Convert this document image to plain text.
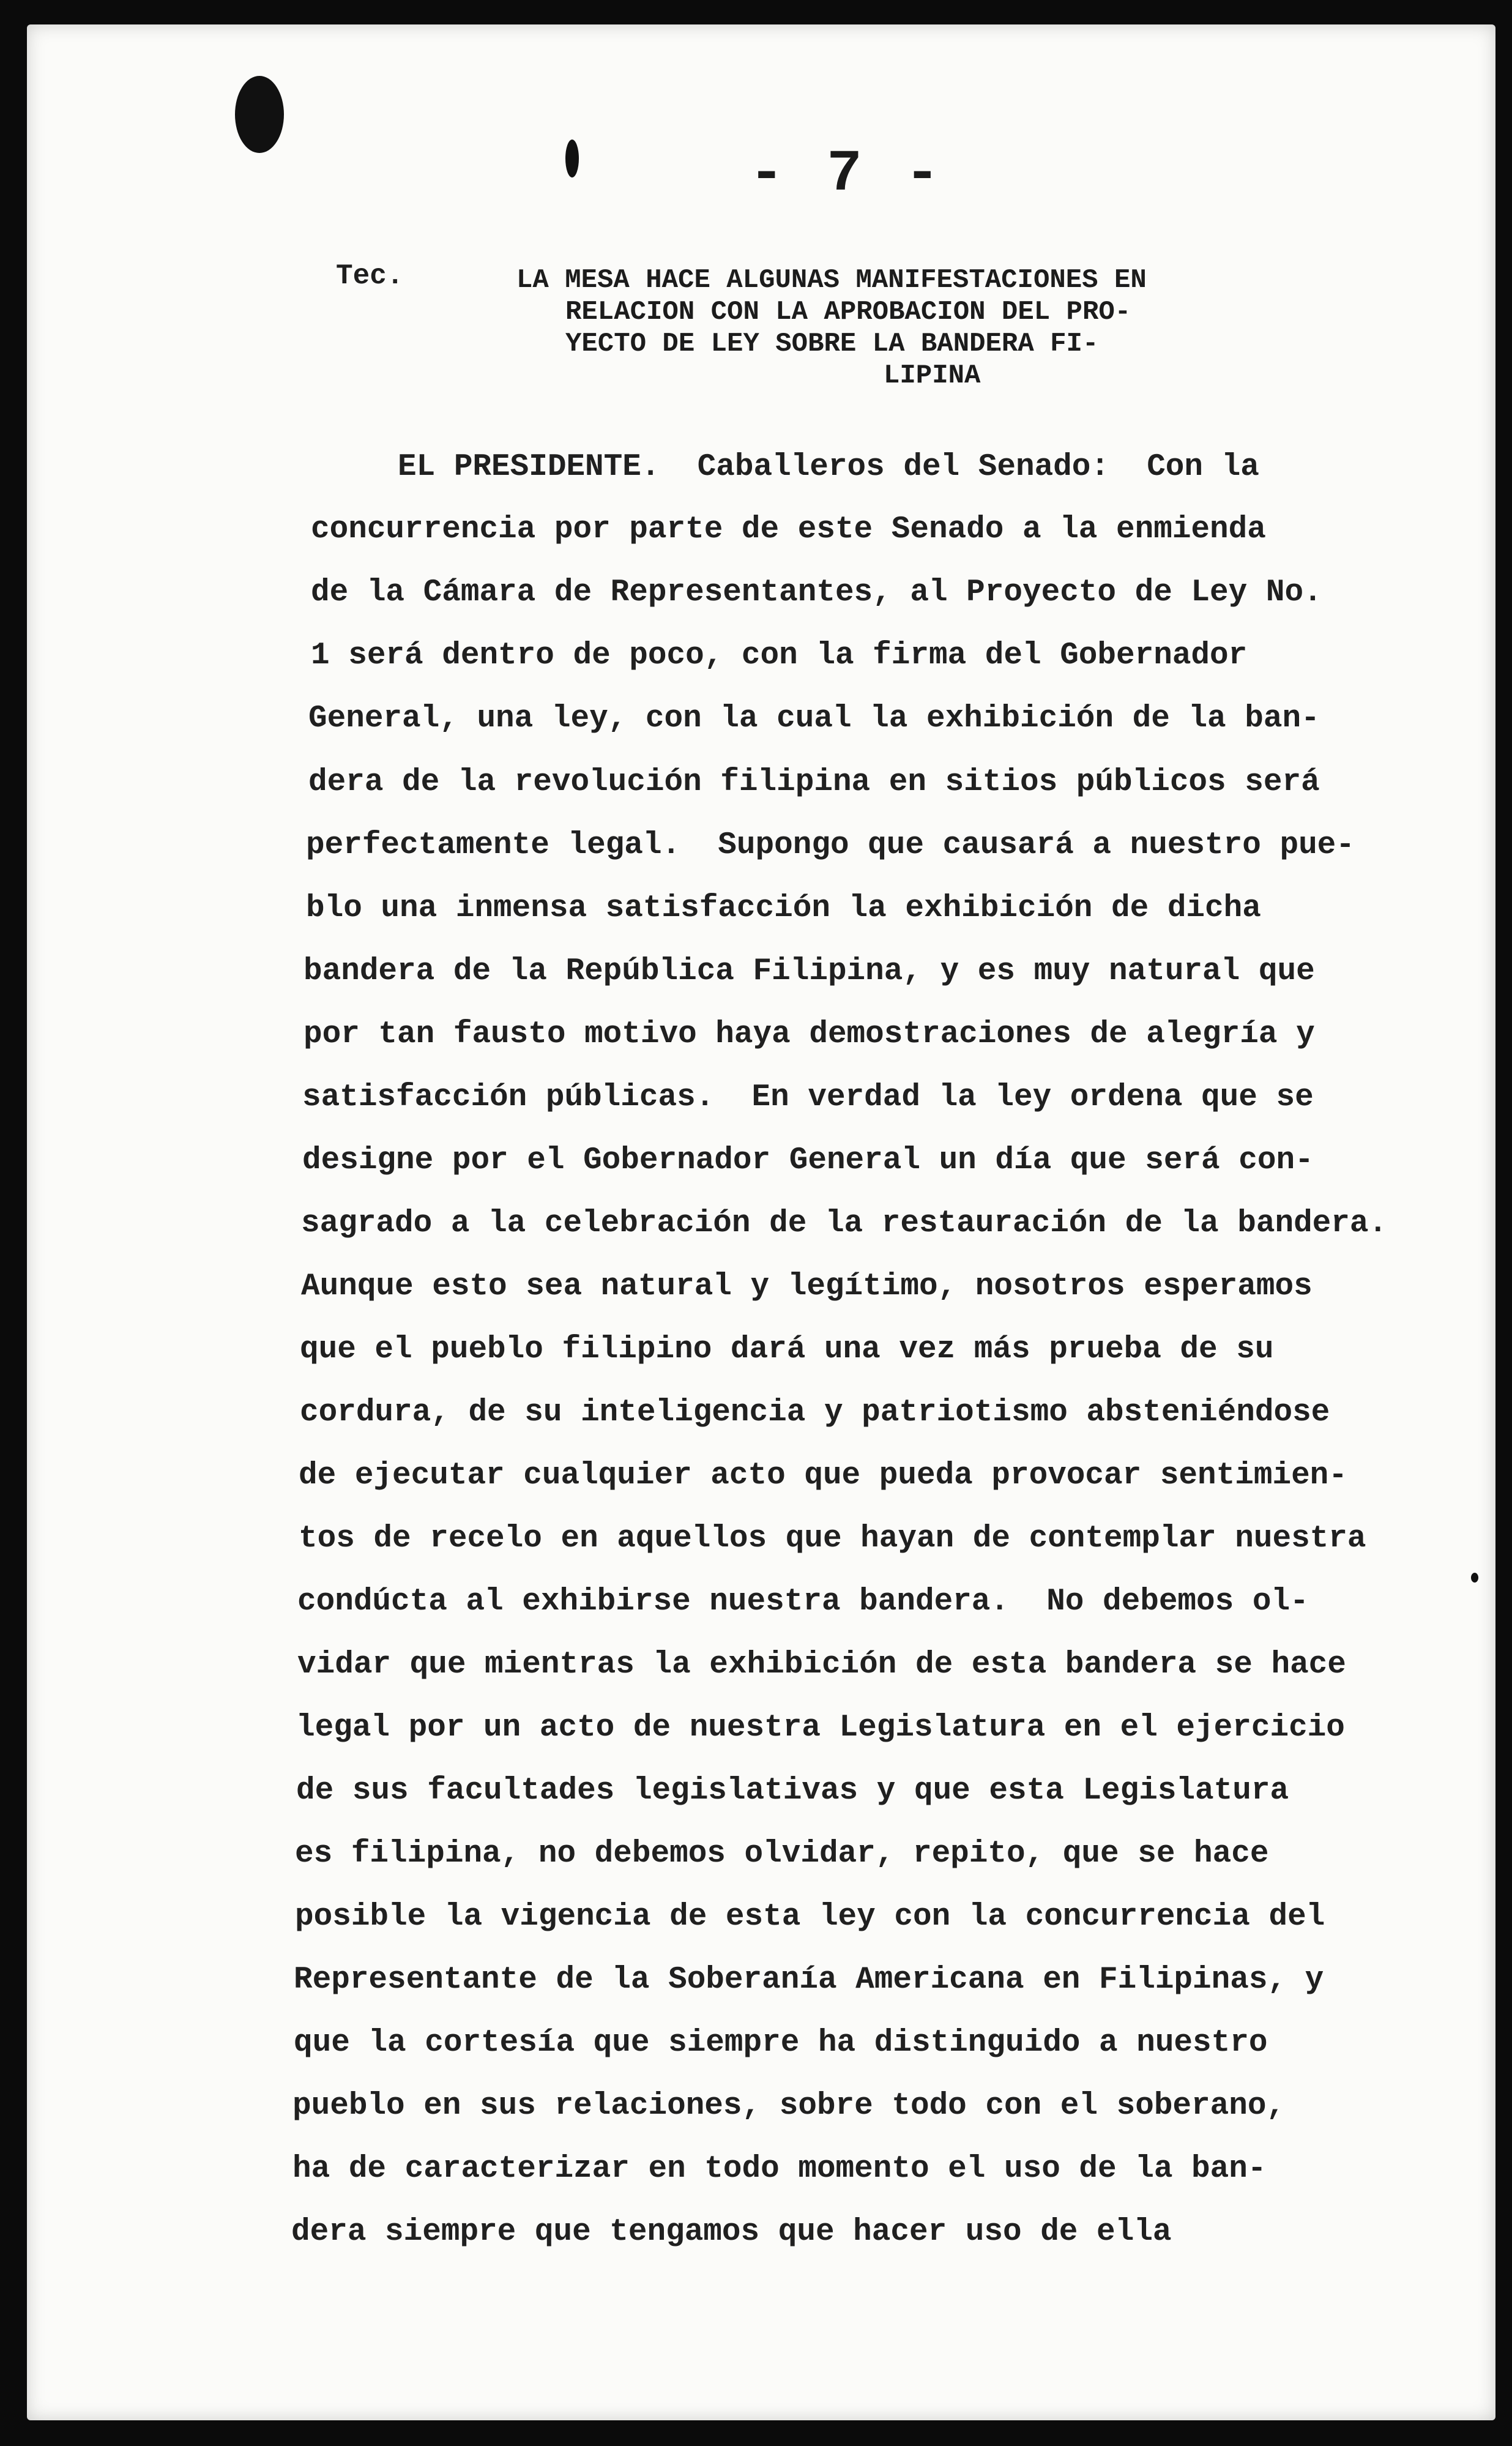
- 7 -
Tec.	LA MESA HACE ALGUNAS MANIFESTACIONES EN
RELACION CON LA APROBACION DEL PRO-
YECTO DE LEY SOBRE LA BANDERA FI-
LIPINA
EL PRESIDENTE.  Caballeros del Senado:  Con la
concurrencia por parte de este Senado a la enmienda
de la Cámara de Representantes, al Proyecto de Ley No.
1 será dentro de poco, con la firma del Gobernador
General, una ley, con la cual la exhibición de la ban-
dera de la revolución filipina en sitios públicos será
perfectamente legal.  Supongo que causará a nuestro pue-
blo una inmensa satisfacción la exhibición de dicha
bandera de la República Filipina, y es muy natural que
por tan fausto motivo haya demostraciones de alegría y
satisfacción públicas.  En verdad la ley ordena que se
designe por el Gobernador General un día que será con-
sagrado a la celebración de la restauración de la bandera.
Aunque esto sea natural y legítimo, nosotros esperamos
que el pueblo filipino dará una vez más prueba de su
cordura, de su inteligencia y patriotismo absteniéndose
de ejecutar cualquier acto que pueda provocar sentimien-
tos de recelo en aquellos que hayan de contemplar nuestra
condúcta al exhibirse nuestra bandera.  No debemos ol-
vidar que mientras la exhibición de esta bandera se hace
legal por un acto de nuestra Legislatura en el ejercicio
de sus facultades legislativas y que esta Legislatura
es filipina, no debemos olvidar, repito, que se hace
posible la vigencia de esta ley con la concurrencia del
Representante de la Soberanía Americana en Filipinas, y
que la cortesía que siempre ha distinguido a nuestro
pueblo en sus relaciones, sobre todo con el soberano,
ha de caracterizar en todo momento el uso de la ban-
dera siempre que tengamos que hacer uso de ella
